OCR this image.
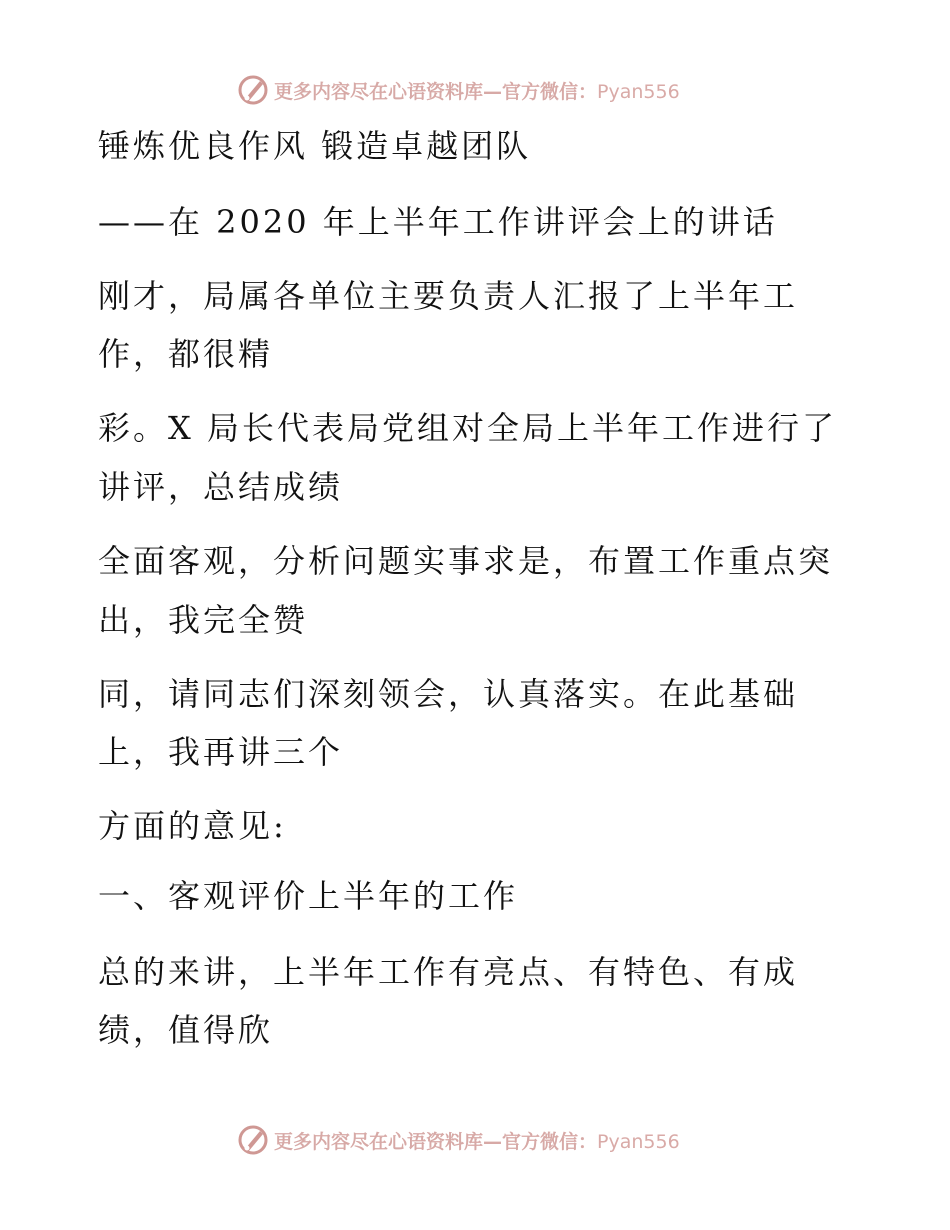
更多内容尽在心语资料库—官方微信：Pyan556

锤炼优良作风 锻造卓越团队

——在 2020 年上半年工作讲评会上的讲话

刚才，局属各单位主要负责人汇报了上半年工

作，都很精

彩。X 局长代表局党组对全局上半年工作进行了

讲评，总结成绩

全面客观，分析问题实事求是，布置工作重点突

出，我完全赞

同，请同志们深刻领会，认真落实。在此基础

上，我再讲三个

方面的意见:

一、客观评价上半年的工作

总的来讲，上半年工作有亮点、有特色、有成

绩，值得欣

更多内容尽在心语资料库—官方微信：Pyan556
